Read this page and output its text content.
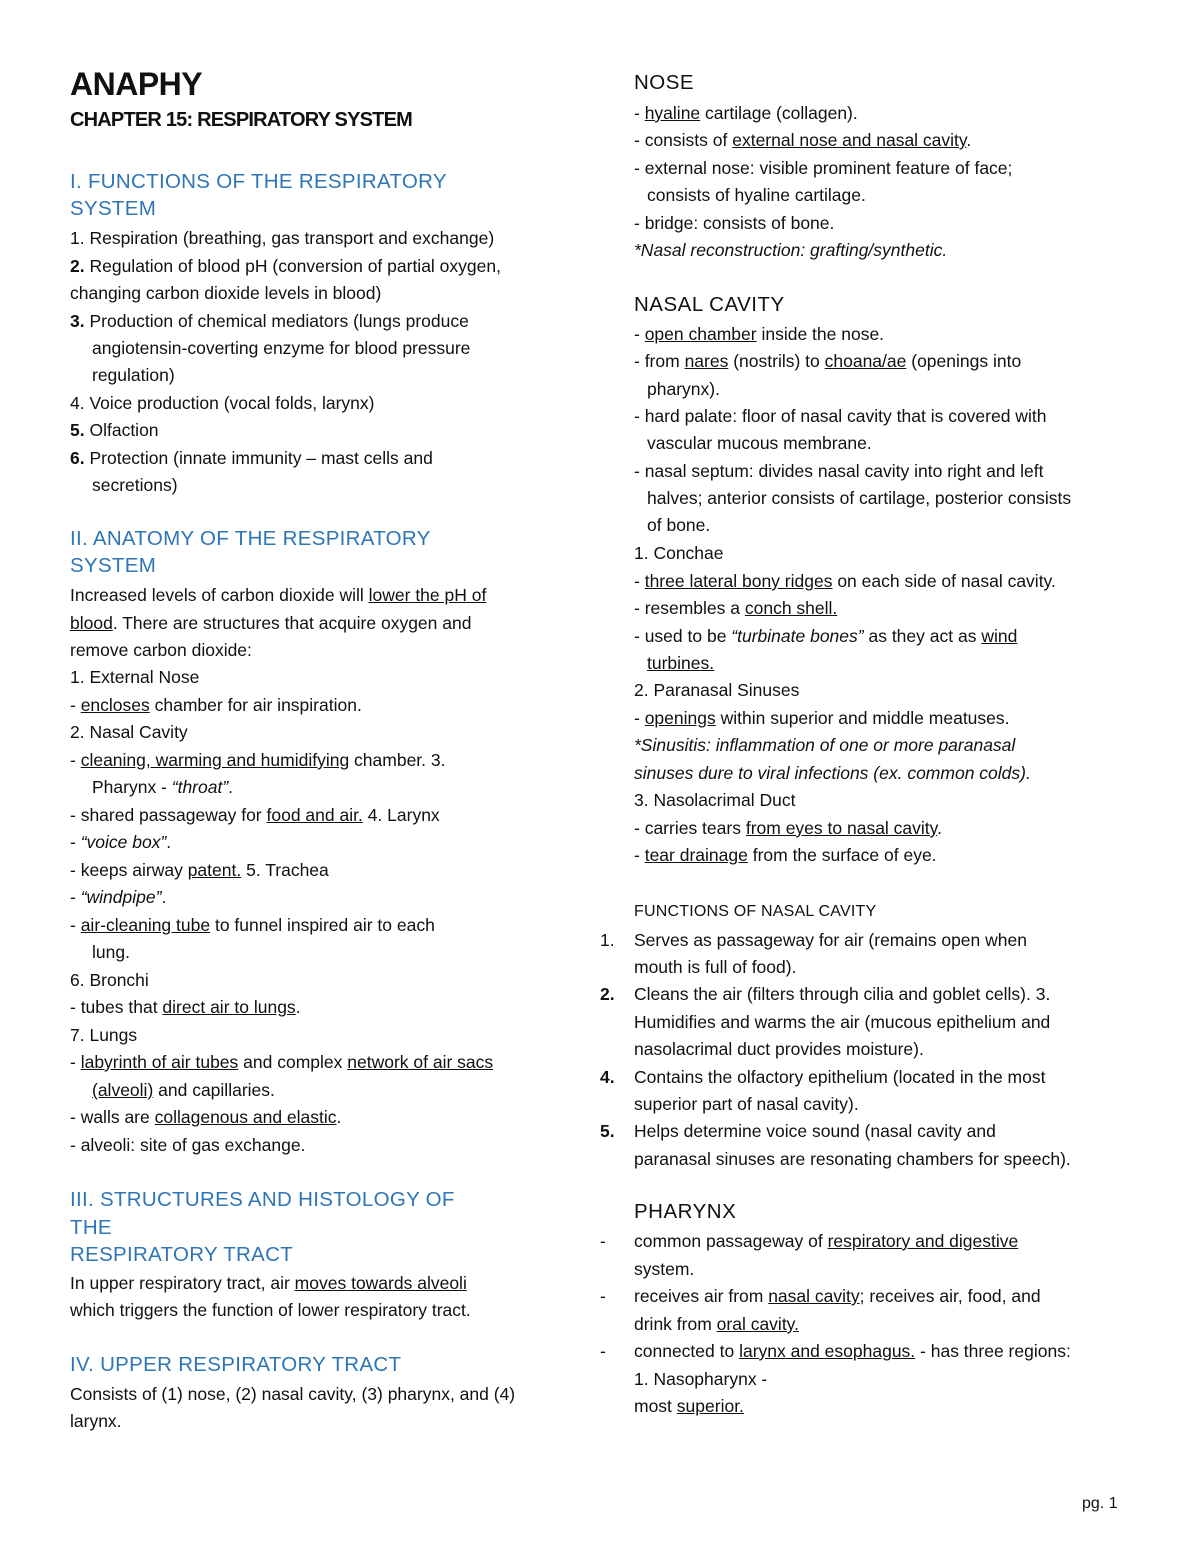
ANAPHY
CHAPTER 15: RESPIRATORY SYSTEM
I. FUNCTIONS OF THE RESPIRATORY
SYSTEM
1. Respiration (breathing, gas transport and exchange)
2. Regulation of blood pH (conversion of partial oxygen,
changing carbon dioxide levels in blood)
3. Production of chemical mediators (lungs produce
angiotensin-coverting enzyme for blood pressure
regulation)
4. Voice production (vocal folds, larynx)
5. Olfaction
6. Protection (innate immunity – mast cells and
secretions)
II. ANATOMY OF THE RESPIRATORY
SYSTEM
Increased levels of carbon dioxide will lower the pH of
blood. There are structures that acquire oxygen and
remove carbon dioxide:
1. External Nose
- encloses chamber for air inspiration.
2. Nasal Cavity
- cleaning, warming and humidifying chamber. 3.
Pharynx - “throat”.
- shared passageway for food and air. 4. Larynx
- “voice box”.
- keeps airway patent. 5. Trachea
- “windpipe”.
- air-cleaning tube to funnel inspired air to each
lung.
6. Bronchi
- tubes that direct air to lungs.
7. Lungs
- labyrinth of air tubes and complex network of air sacs
(alveoli) and capillaries.
- walls are collagenous and elastic.
- alveoli: site of gas exchange.
III. STRUCTURES AND HISTOLOGY OF
THE
RESPIRATORY TRACT
In upper respiratory tract, air moves towards alveoli
which triggers the function of lower respiratory tract.
IV. UPPER RESPIRATORY TRACT
Consists of (1) nose, (2) nasal cavity, (3) pharynx, and (4)
larynx.
NOSE
- hyaline cartilage (collagen).
- consists of external nose and nasal cavity.
- external nose: visible prominent feature of face;
consists of hyaline cartilage.
- bridge: consists of bone.
*Nasal reconstruction: grafting/synthetic.
NASAL CAVITY
- open chamber inside the nose.
- from nares (nostrils) to choana/ae (openings into
pharynx).
- hard palate: floor of nasal cavity that is covered with
vascular mucous membrane.
- nasal septum: divides nasal cavity into right and left
halves; anterior consists of cartilage, posterior consists
of bone.
1. Conchae
- three lateral bony ridges on each side of nasal cavity.
- resembles a conch shell.
- used to be “turbinate bones” as they act as wind
turbines.
2. Paranasal Sinuses
- openings within superior and middle meatuses.
*Sinusitis: inflammation of one or more paranasal
sinuses dure to viral infections (ex. common colds).
3. Nasolacrimal Duct
- carries tears from eyes to nasal cavity.
- tear drainage from the surface of eye.
FUNCTIONS OF NASAL CAVITY
1. Serves as passageway for air (remains open when
mouth is full of food).
2. Cleans the air (filters through cilia and goblet cells). 3.
Humidifies and warms the air (mucous epithelium and
nasolacrimal duct provides moisture).
4. Contains the olfactory epithelium (located in the most
superior part of nasal cavity).
5. Helps determine voice sound (nasal cavity and
paranasal sinuses are resonating chambers for speech).
PHARYNX
- common passageway of respiratory and digestive
system.
- receives air from nasal cavity; receives air, food, and
drink from oral cavity.
- connected to larynx and esophagus. - has three regions:
1. Nasopharynx -
most superior.
pg. 1
